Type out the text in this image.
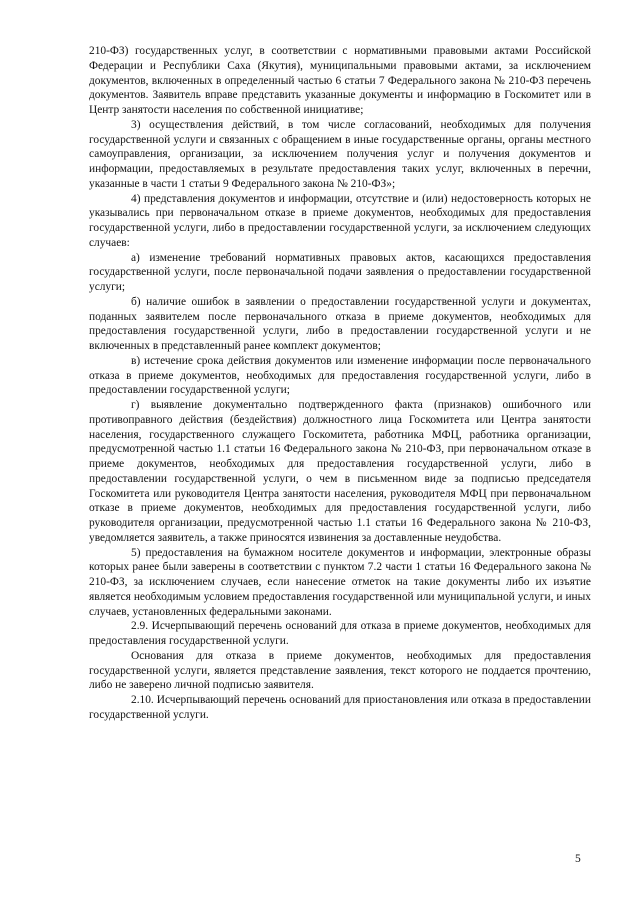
210-ФЗ) государственных услуг, в соответствии с нормативными правовыми актами Российской Федерации и Республики Саха (Якутия), муниципальными правовыми актами, за исключением документов, включенных в определенный частью 6 статьи 7 Федерального закона № 210-ФЗ перечень документов. Заявитель вправе представить указанные документы и информацию в Госкомитет или в Центр занятости населения по собственной инициативе;

3) осуществления действий, в том числе согласований, необходимых для получения государственной услуги и связанных с обращением в иные государственные органы, органы местного самоуправления, организации, за исключением получения услуг и получения документов и информации, предоставляемых в результате предоставления таких услуг, включенных в перечни, указанные в части 1 статьи 9 Федерального закона № 210-ФЗ»;

4) представления документов и информации, отсутствие и (или) недостоверность которых не указывались при первоначальном отказе в приеме документов, необходимых для предоставления государственной услуги, либо в предоставлении государственной услуги, за исключением следующих случаев:

а) изменение требований нормативных правовых актов, касающихся предоставления государственной услуги, после первоначальной подачи заявления о предоставлении государственной услуги;

б) наличие ошибок в заявлении о предоставлении государственной услуги и документах, поданных заявителем после первоначального отказа в приеме документов, необходимых для предоставления государственной услуги, либо в предоставлении государственной услуги и не включенных в представленный ранее комплект документов;

в) истечение срока действия документов или изменение информации после первоначального отказа в приеме документов, необходимых для предоставления государственной услуги, либо в предоставлении государственной услуги;

г) выявление документально подтвержденного факта (признаков) ошибочного или противоправного действия (бездействия) должностного лица Госкомитета или Центра занятости населения, государственного служащего Госкомитета, работника МФЦ, работника организации, предусмотренной частью 1.1 статьи 16 Федерального закона № 210-ФЗ, при первоначальном отказе в приеме документов, необходимых для предоставления государственной услуги, либо в предоставлении государственной услуги, о чем в письменном виде за подписью председателя Госкомитета или руководителя Центра занятости населения, руководителя МФЦ при первоначальном отказе в приеме документов, необходимых для предоставления государственной услуги, либо руководителя организации, предусмотренной частью 1.1 статьи 16 Федерального закона № 210-ФЗ, уведомляется заявитель, а также приносятся извинения за доставленные неудобства.

5) предоставления на бумажном носителе документов и информации, электронные образы которых ранее были заверены в соответствии с пунктом 7.2 части 1 статьи 16 Федерального закона № 210-ФЗ, за исключением случаев, если нанесение отметок на такие документы либо их изъятие является необходимым условием предоставления государственной или муниципальной услуги, и иных случаев, установленных федеральными законами.

2.9. Исчерпывающий перечень оснований для отказа в приеме документов, необходимых для предоставления государственной услуги.

Основания для отказа в приеме документов, необходимых для предоставления государственной услуги, является представление заявления, текст которого не поддается прочтению, либо не заверено личной подписью заявителя.

2.10. Исчерпывающий перечень оснований для приостановления или отказа в предоставлении государственной услуги.

5
